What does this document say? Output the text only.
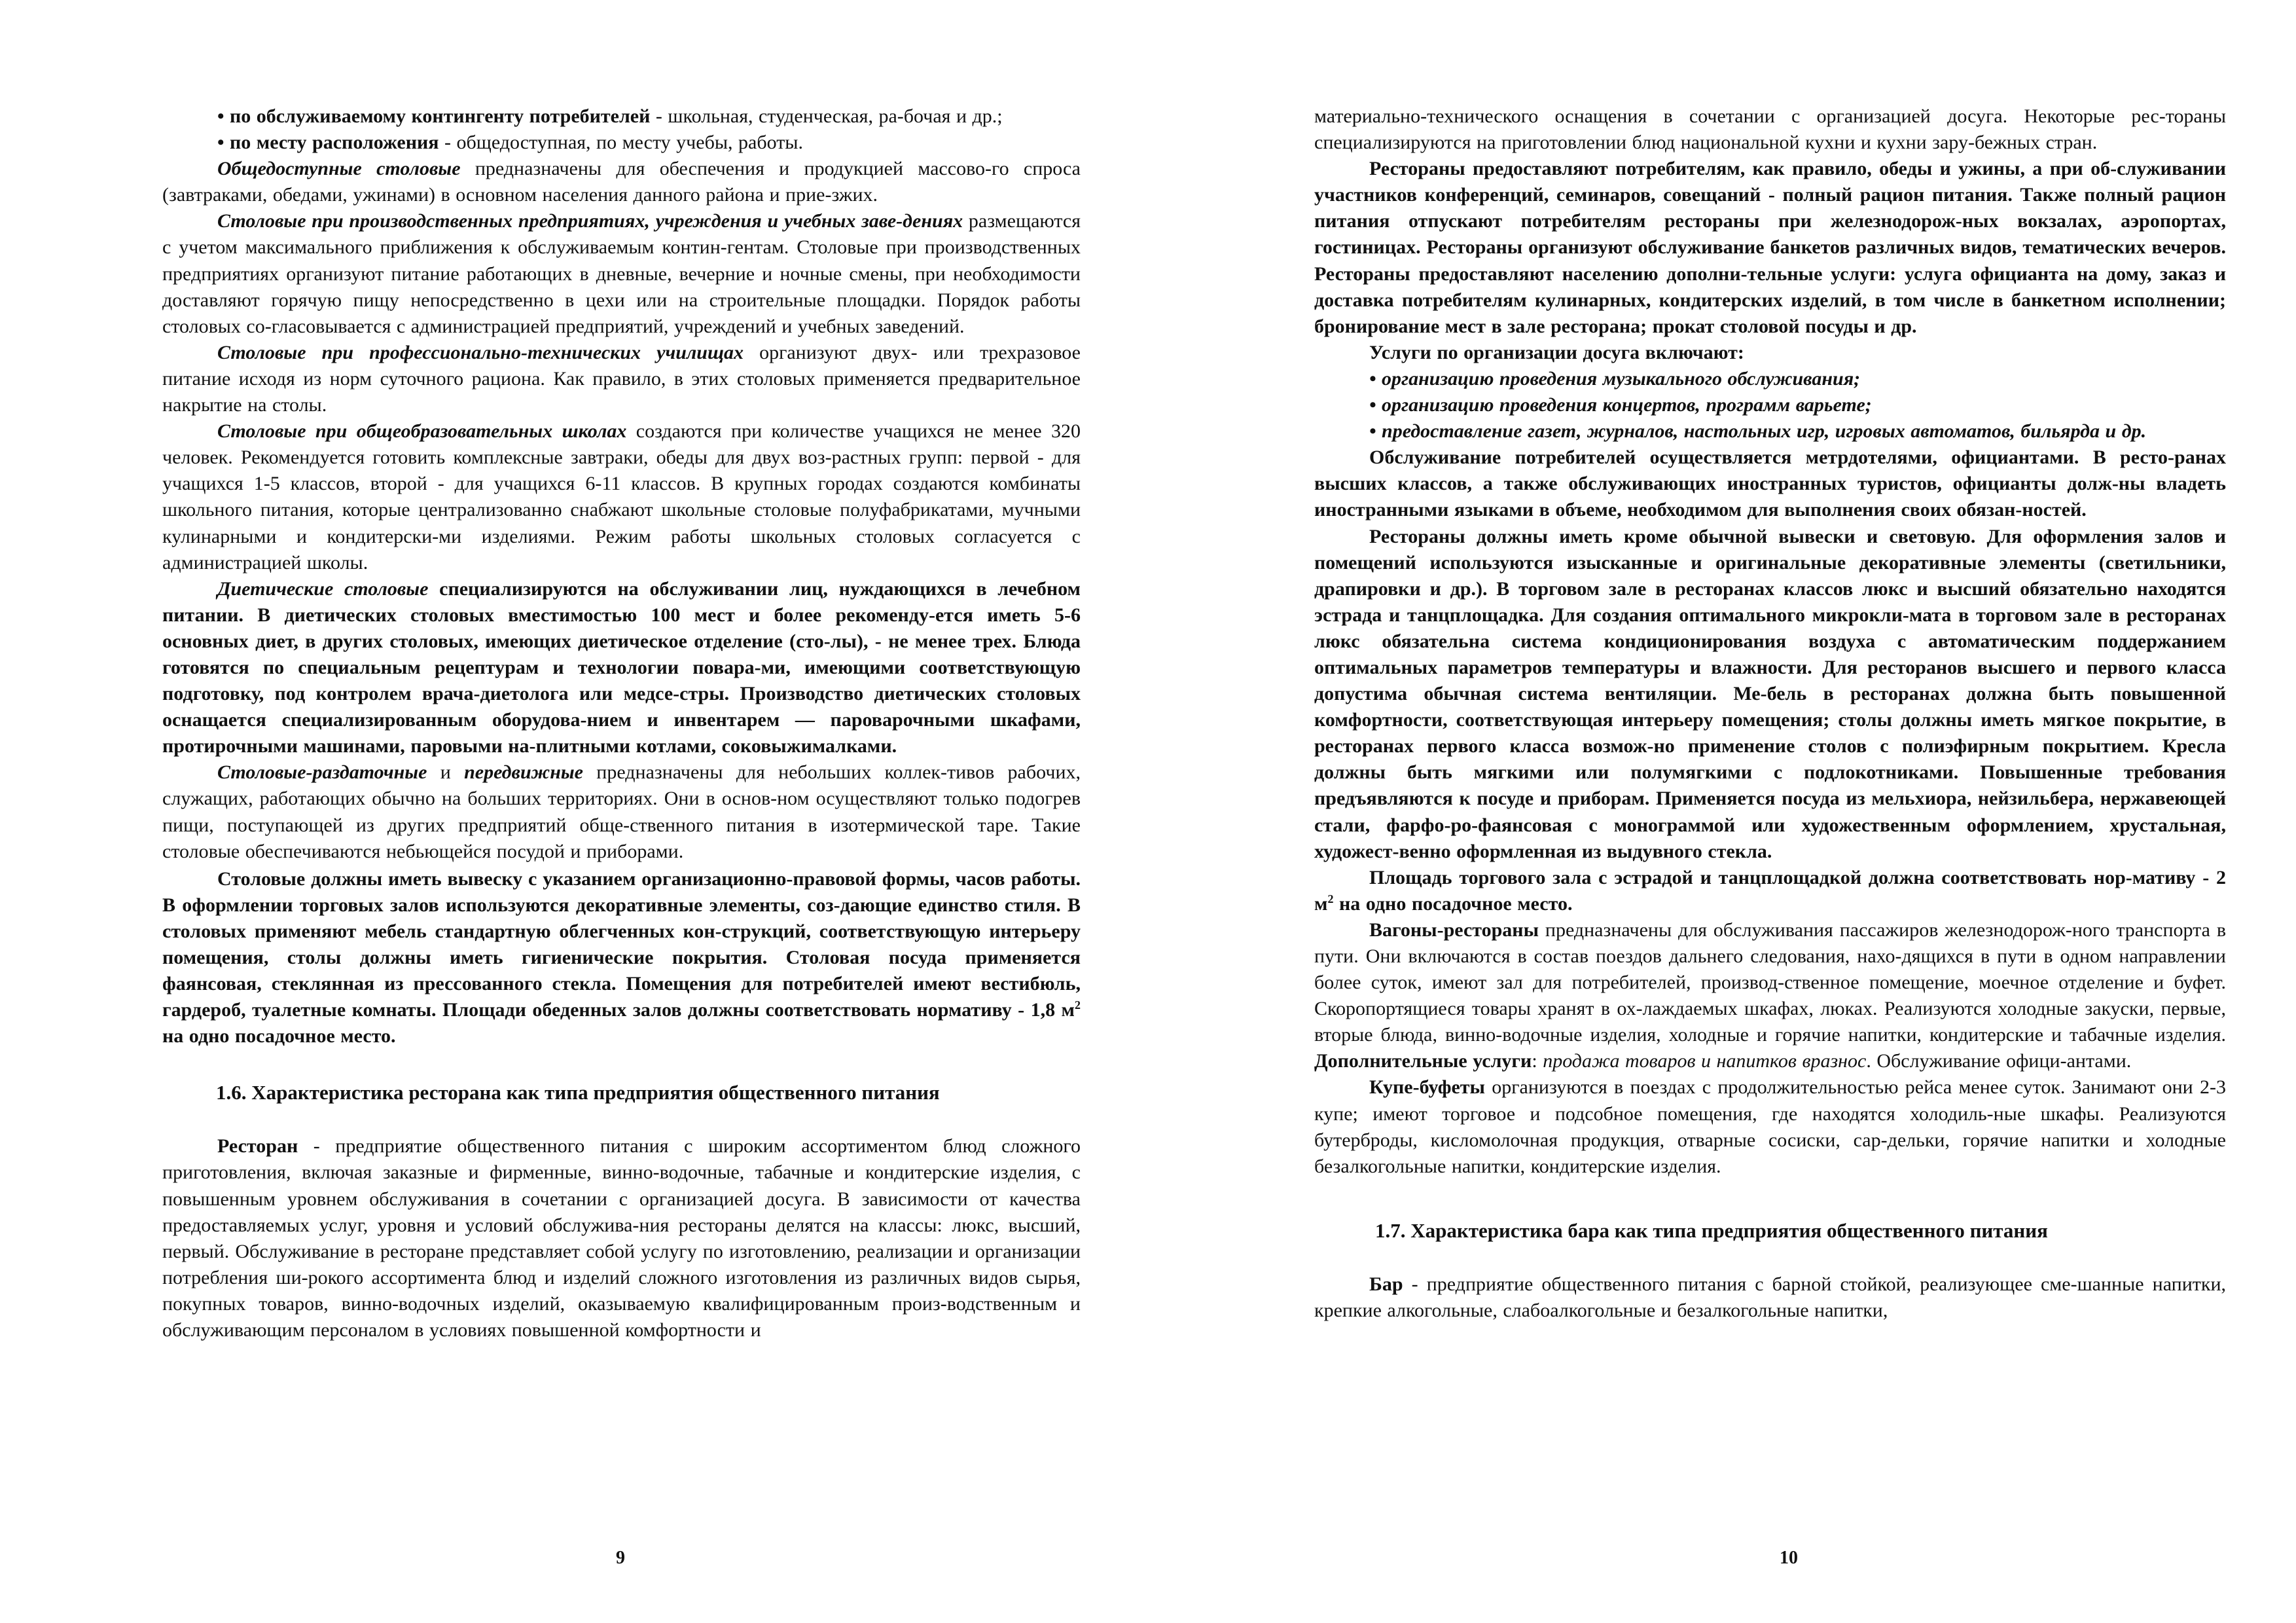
• по обслуживаемому контингенту потребителей - школьная, студенческая, ра-бочая и др.;

• по месту расположения - общедоступная, по месту учебы, работы.

Общедоступные столовые предназначены для обеспечения и продукцией массово-го спроса (завтраками, обедами, ужинами) в основном населения данного района и прие-зжих.

Столовые при производственных предприятиях, учреждения и учебных заве-дениях размещаются с учетом максимального приближения к обслуживаемым контин-гентам. Столовые при производственных предприятиях организуют питание работающих в дневные, вечерние и ночные смены, при необходимости доставляют горячую пищу непосредственно в цехи или на строительные площадки. Порядок работы столовых со-гласовывается с администрацией предприятий, учреждений и учебных заведений.

Столовые при профессионально-технических училищах организуют двух- или трехразовое питание исходя из норм суточного рациона. Как правило, в этих столовых применяется предварительное накрытие на столы.

Столовые при общеобразовательных школах создаются при количестве учащихся не менее 320 человек. Рекомендуется готовить комплексные завтраки, обеды для двух воз-растных групп: первой - для учащихся 1-5 классов, второй - для учащихся 6-11 классов. В крупных городах создаются комбинаты школьного питания, которые централизованно снабжают школьные столовые полуфабрикатами, мучными кулинарными и кондитерски-ми изделиями. Режим работы школьных столовых согласуется с администрацией школы.

Диетические столовые специализируются на обслуживании лиц, нуждающихся в лечебном питании. В диетических столовых вместимостью 100 мест и более рекоменду-ется иметь 5-6 основных диет, в других столовых, имеющих диетическое отделение (сто-лы), - не менее трех. Блюда готовятся по специальным рецептурам и технологии повара-ми, имеющими соответствующую подготовку, под контролем врача-диетолога или медсе-стры. Производство диетических столовых оснащается специализированным оборудова-нием и инвентарем — пароварочными шкафами, протирочными машинами, паровыми на-плитными котлами, соковыжималками.

Столовые-раздаточные и передвижные предназначены для небольших коллек-тивов рабочих, служащих, работающих обычно на больших территориях. Они в основ-ном осуществляют только подогрев пищи, поступающей из других предприятий обще-ственного питания в изотермической таре. Такие столовые обеспечиваются небьющейся посудой и приборами.

Столовые должны иметь вывеску с указанием организационно-правовой формы, часов работы. В оформлении торговых залов используются декоративные элементы, соз-дающие единство стиля. В столовых применяют мебель стандартную облегченных кон-струкций, соответствующую интерьеру помещения, столы должны иметь гигиенические покрытия. Столовая посуда применяется фаянсовая, стеклянная из прессованного стекла. Помещения для потребителей имеют вестибюль, гардероб, туалетные комнаты. Площади обеденных залов должны соответствовать нормативу - 1,8 $м^2$ на одно посадочное место.

1.6. Характеристика ресторана как типа предприятия общественного питания

Ресторан - предприятие общественного питания с широким ассортиментом блюд сложного приготовления, включая заказные и фирменные, винно-водочные, табачные и кондитерские изделия, с повышенным уровнем обслуживания в сочетании с организацией досуга. В зависимости от качества предоставляемых услуг, уровня и условий обслужива-ния рестораны делятся на классы: люкс, высший, первый. Обслуживание в ресторане представляет собой услугу по изготовлению, реализации и организации потребления ши-рокого ассортимента блюд и изделий сложного изготовления из различных видов сырья, покупных товаров, винно-водочных изделий, оказываемую квалифицированным произ-водственным и обслуживающим персоналом в условиях повышенной комфортности и

9

материально-технического оснащения в сочетании с организацией досуга. Некоторые рес-тораны специализируются на приготовлении блюд национальной кухни и кухни зару-бежных стран.

Рестораны предоставляют потребителям, как правило, обеды и ужины, а при об-служивании участников конференций, семинаров, совещаний - полный рацион питания. Также полный рацион питания отпускают потребителям рестораны при железнодорож-ных вокзалах, аэропортах, гостиницах. Рестораны организуют обслуживание банкетов различных видов, тематических вечеров. Рестораны предоставляют населению дополни-тельные услуги: услуга официанта на дому, заказ и доставка потребителям кулинарных, кондитерских изделий, в том числе в банкетном исполнении; бронирование мест в зале ресторана; прокат столовой посуды и др.

Услуги по организации досуга включают:

• организацию проведения музыкального обслуживания;

• организацию проведения концертов, программ варьете;

• предоставление газет, журналов, настольных игр, игровых автоматов, бильярда и др.

Обслуживание потребителей осуществляется метрдотелями, официантами. В ресто-ранах высших классов, а также обслуживающих иностранных туристов, официанты долж-ны владеть иностранными языками в объеме, необходимом для выполнения своих обязан-ностей.

Рестораны должны иметь кроме обычной вывески и световую. Для оформления залов и помещений используются изысканные и оригинальные декоративные элементы (светильники, драпировки и др.). В торговом зале в ресторанах классов люкс и высший обязательно находятся эстрада и танцплощадка. Для создания оптимального микрокли-мата в торговом зале в ресторанах люкс обязательна система кондиционирования воздуха с автоматическим поддержанием оптимальных параметров температуры и влажности. Для ресторанов высшего и первого класса допустима обычная система вентиляции. Ме-бель в ресторанах должна быть повышенной комфортности, соответствующая интерьеру помещения; столы должны иметь мягкое покрытие, в ресторанах первого класса возмож-но применение столов с полиэфирным покрытием. Кресла должны быть мягкими или полумягкими с подлокотниками. Повышенные требования предъявляются к посуде и приборам. Применяется посуда из мельхиора, нейзильбера, нержавеющей стали, фарфо-ро-фаянсовая с монограммой или художественным оформлением, хрустальная, художест-венно оформленная из выдувного стекла.

Площадь торгового зала с эстрадой и танцплощадкой должна соответствовать нор-мативу - 2 $м^2$ на одно посадочное место.

Вагоны-рестораны предназначены для обслуживания пассажиров железнодорож-ного транспорта в пути. Они включаются в состав поездов дальнего следования, нахо-дящихся в пути в одном направлении более суток, имеют зал для потребителей, производ-ственное помещение, моечное отделение и буфет. Скоропортящиеся товары хранят в ох-лаждаемых шкафах, люках. Реализуются холодные закуски, первые, вторые блюда, винно-водочные изделия, холодные и горячие напитки, кондитерские и табачные изделия. Дополнительные услуги: продажа товаров и напитков вразнос. Обслуживание офици-антами.

Купе-буфеты организуются в поездах с продолжительностью рейса менее суток. Занимают они 2-3 купе; имеют торговое и подсобное помещения, где находятся холодиль-ные шкафы. Реализуются бутерброды, кисломолочная продукция, отварные сосиски, сар-дельки, горячие напитки и холодные безалкогольные напитки, кондитерские изделия.

1.7. Характеристика бара как типа предприятия общественного питания

Бар - предприятие общественного питания с барной стойкой, реализующее сме-шанные напитки, крепкие алкогольные, слабоалкогольные и безалкогольные напитки,

10
